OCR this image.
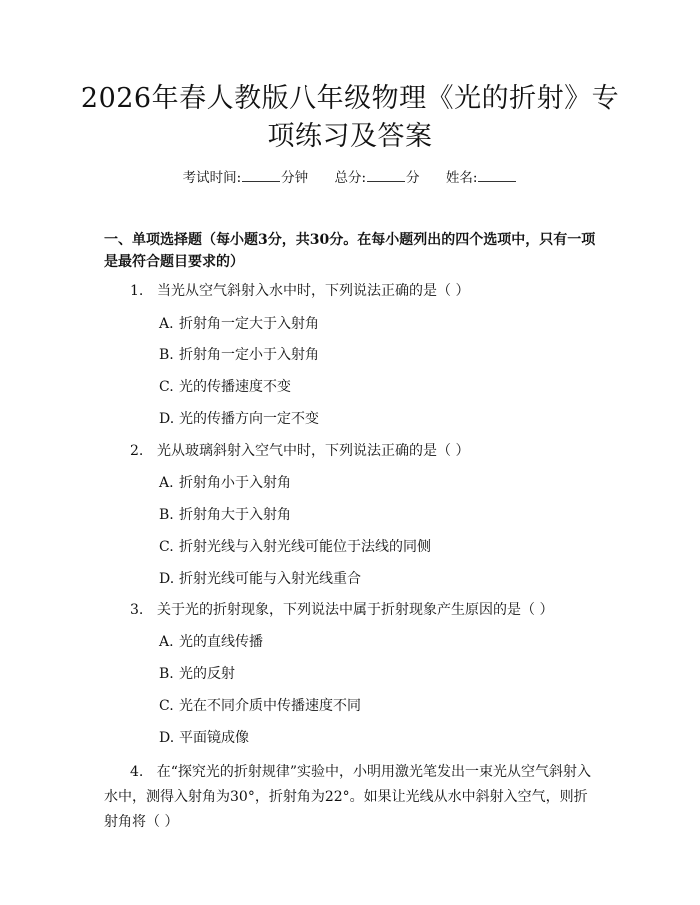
2026年春人教版八年级物理《光的折射》专
项练习及答案
考试时间:	分钟 总分:	分 姓名:
一、单项选择题（每小题3分，共30分。在每小题列出的四个选项中，只有一项
是最符合题目要求的）
1. 当光从空气斜射入水中时，下列说法正确的是（ ）
A. 折射角一定大于入射角
B. 折射角一定小于入射角
C. 光的传播速度不变
D. 光的传播方向一定不变
2. 光从玻璃斜射入空气中时，下列说法正确的是（ ）
A. 折射角小于入射角
B. 折射角大于入射角
C. 折射光线与入射光线可能位于法线的同侧
D. 折射光线可能与入射光线重合
3. 关于光的折射现象，下列说法中属于折射现象产生原因的是（ ）
A. 光的直线传播
B. 光的反射
C. 光在不同介质中传播速度不同
D. 平面镜成像
4. 在“探究光的折射规律”实验中，小明用激光笔发出一束光从空气斜射入水中，测得入射角为30°，折射角为22°。如果让光线从水中斜射入空气，则折射角将（ ）
